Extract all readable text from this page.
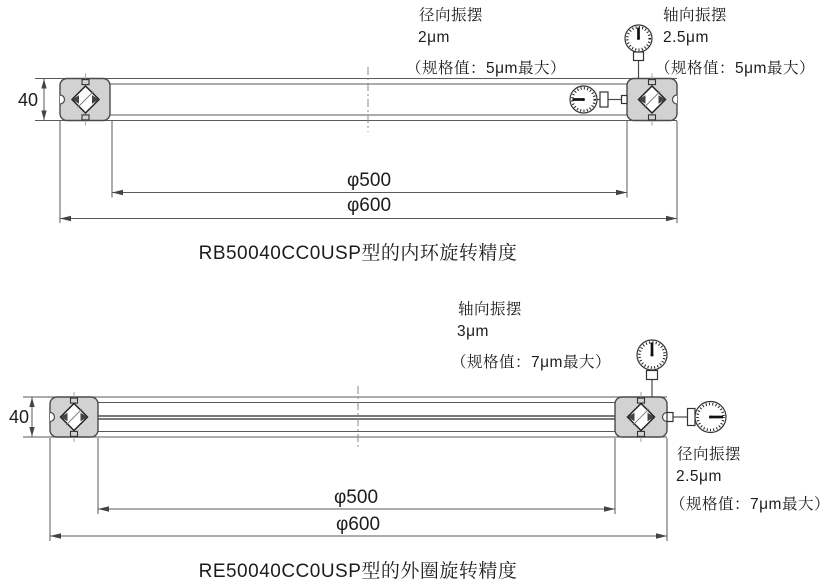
径向振摆
2μm
（规格值：5μm最大）
轴向振摆
2.5μm
（规格值：5μm最大）
40
φ500
φ600
RB50040CC0USP型的内环旋转精度
轴向振摆
3μm
（规格值：7μm最大）
径向振摆
2.5μm
（规格值：7μm最大）
40
φ500
φ600
RE50040CC0USP型的外圈旋转精度
